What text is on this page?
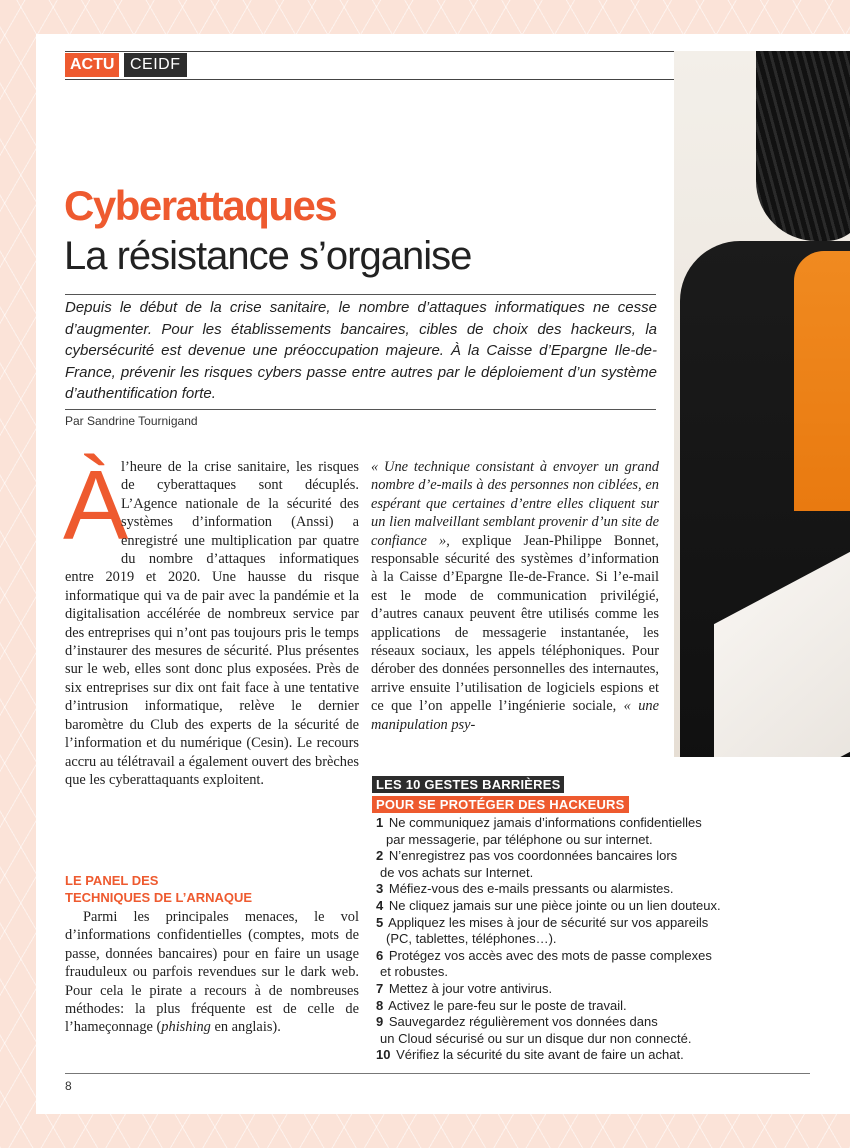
ACTU CEIDF
Cyberattaques
La résistance s’organise
Depuis le début de la crise sanitaire, le nombre d’attaques informatiques ne cesse d’augmenter. Pour les établissements bancaires, cibles de choix des hackeurs, la cybersécurité est devenue une préoccupation majeure. À la Caisse d’Epargne Ile-de-France, prévenir les risques cybers passe entre autres par le déploiement d’un système d’authentification forte.
Par Sandrine Tournigand
À

l’heure de la crise sanitaire, les risques de cyberattaques sont décuplés. L’Agence nationale de la sécurité des systèmes d’information (Anssi) a enregistré une multiplication par quatre du nombre d’attaques informatiques entre 2019 et 2020. Une hausse du risque informatique qui va de pair avec la pandémie et la digitalisation accélérée de nombreux service par des entreprises qui n’ont pas toujours pris le temps d’instaurer des mesures de sécurité. Plus présentes sur le web, elles sont donc plus exposées. Près de six entreprises sur dix ont fait face à une tentative d’intrusion informatique, relève le dernier baromètre du Club des experts de la sécurité de l’information et du numérique (Cesin). Le recours accru au télétravail a également ouvert des brèches que les cyberattaquants exploitent.

LE PANEL DES
TECHNIQUES DE L’ARNAQUE
Parmi les principales menaces, le vol d’informations confidentielles (comptes, mots de passe, données bancaires) pour en faire un usage frauduleux ou parfois revendues sur le dark web. Pour cela le pirate a recours à de nombreuses méthodes: la plus fréquente est de celle de l’hameçonnage (phishing en anglais).
« Une technique consistant à envoyer un grand nombre d’e-mails à des personnes non ciblées, en espérant que certaines d’entre elles cliquent sur un lien malveillant semblant provenir d’un site de confiance », explique Jean-Philippe Bonnet, responsable sécurité des systèmes d’information à la Caisse d’Epargne Ile-de-France. Si l’e-mail est le mode de communication privilégié, d’autres canaux peuvent être utilisés comme les applications de messagerie instantanée, les réseaux sociaux, les appels téléphoniques. Pour dérober des données personnelles des internautes, arrive ensuite l’utilisation de logiciels espions et ce que l’on appelle l’ingénierie sociale, « une manipulation psy-
LES 10 GESTES BARRIÈRES
POUR SE PROTÉGER DES HACKEURS
1 Ne communiquez jamais d’informations confidentielles
par messagerie, par téléphone ou sur internet.
2 N’enregistrez pas vos coordonnées bancaires lors
de vos achats sur Internet.
3 Méfiez-vous des e-mails pressants ou alarmistes.
4 Ne cliquez jamais sur une pièce jointe ou un lien douteux.
5 Appliquez les mises à jour de sécurité sur vos appareils
(PC, tablettes, téléphones…).
6 Protégez vos accès avec des mots de passe complexes
et robustes.
7 Mettez à jour votre antivirus.
8 Activez le pare-feu sur le poste de travail.
9 Sauvegardez régulièrement vos données dans
un Cloud sécurisé ou sur un disque dur non connecté.
10 Vérifiez la sécurité du site avant de faire un achat.
8
